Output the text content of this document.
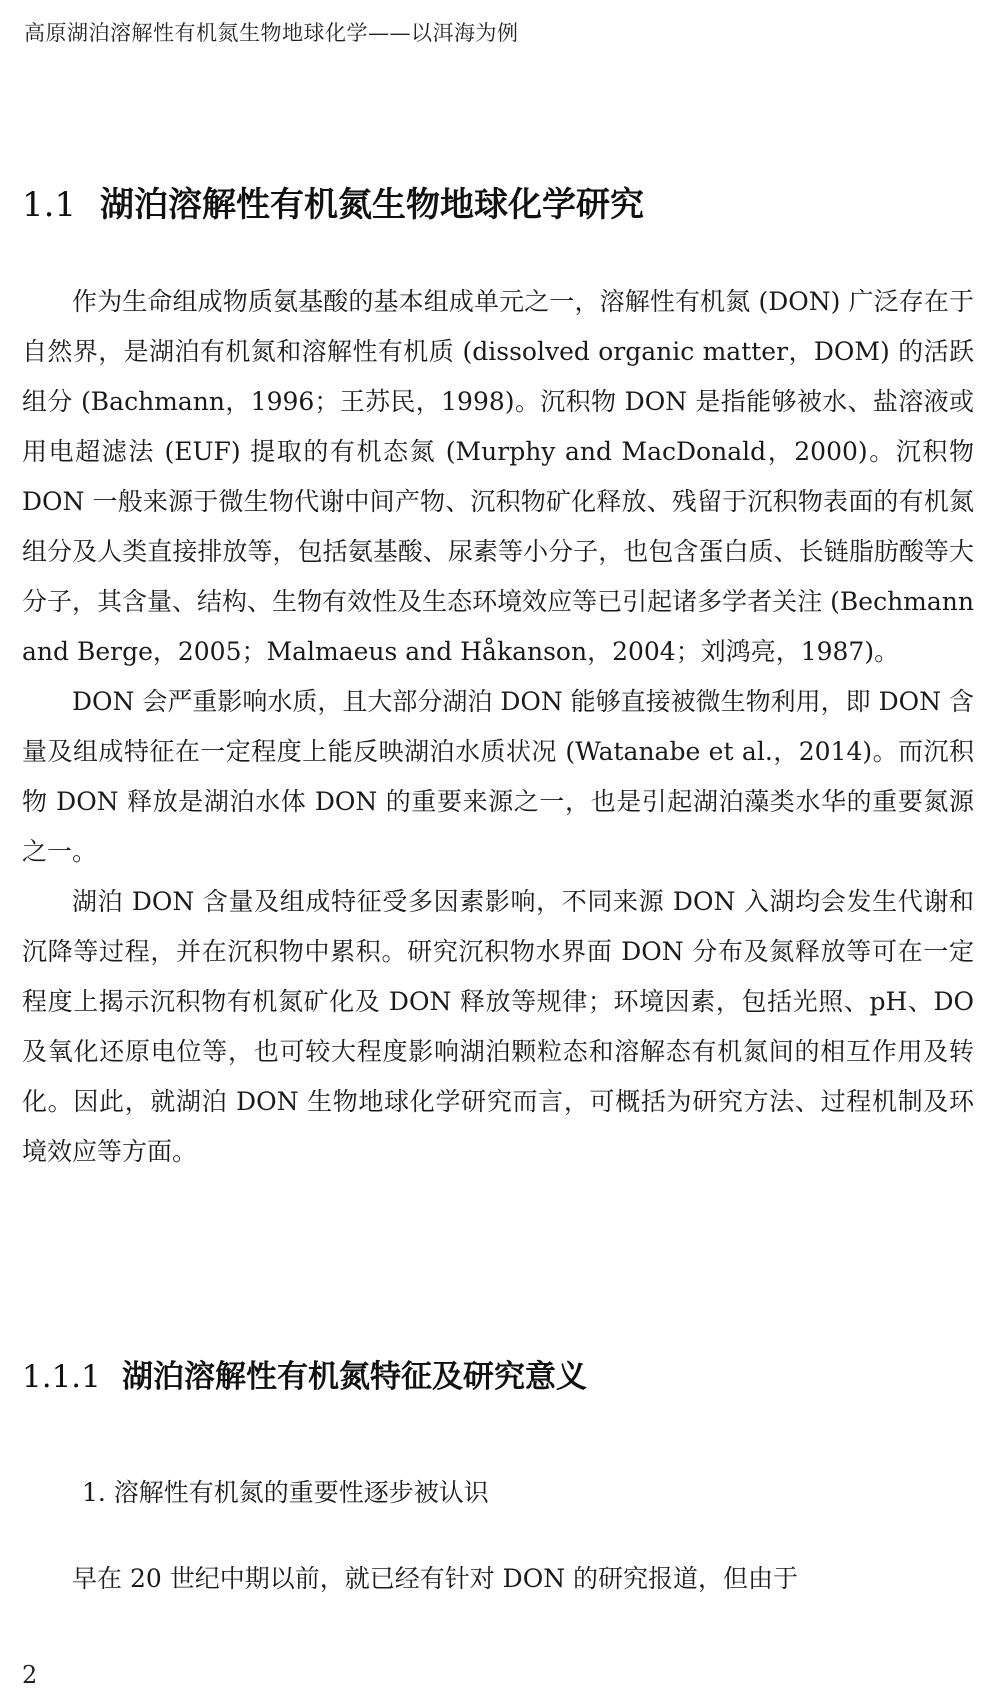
高原湖泊溶解性有机氮生物地球化学——以洱海为例
1.1 湖泊溶解性有机氮生物地球化学研究

作为生命组成物质氨基酸的基本组成单元之一，溶解性有机氮 (DON) 广泛存在于自然界，是湖泊有机氮和溶解性有机质 (dissolved organic matter，DOM) 的活跃组分 (Bachmann，1996；王苏民，1998)。沉积物 DON 是指能够被水、盐溶液或用电超滤法 (EUF) 提取的有机态氮 (Murphy and MacDonald，2000)。沉积物 DON 一般来源于微生物代谢中间产物、沉积物矿化释放、残留于沉积物表面的有机氮组分及人类直接排放等，包括氨基酸、尿素等小分子，也包含蛋白质、长链脂肪酸等大分子，其含量、结构、生物有效性及生态环境效应等已引起诸多学者关注 (Bechmann and Berge，2005；Malmaeus and Håkanson，2004；刘鸿亮，1987)。

DON 会严重影响水质，且大部分湖泊 DON 能够直接被微生物利用，即 DON 含量及组成特征在一定程度上能反映湖泊水质状况 (Watanabe et al.，2014)。而沉积物 DON 释放是湖泊水体 DON 的重要来源之一，也是引起湖泊藻类水华的重要氮源之一。

湖泊 DON 含量及组成特征受多因素影响，不同来源 DON 入湖均会发生代谢和沉降等过程，并在沉积物中累积。研究沉积物水界面 DON 分布及氮释放等可在一定程度上揭示沉积物有机氮矿化及 DON 释放等规律；环境因素，包括光照、pH、DO 及氧化还原电位等，也可较大程度影响湖泊颗粒态和溶解态有机氮间的相互作用及转化。因此，就湖泊 DON 生物地球化学研究而言，可概括为研究方法、过程机制及环境效应等方面。

1.1.1 湖泊溶解性有机氮特征及研究意义
1. 溶解性有机氮的重要性逐步被认识

早在 20 世纪中期以前，就已经有针对 DON 的研究报道，但由于

2
